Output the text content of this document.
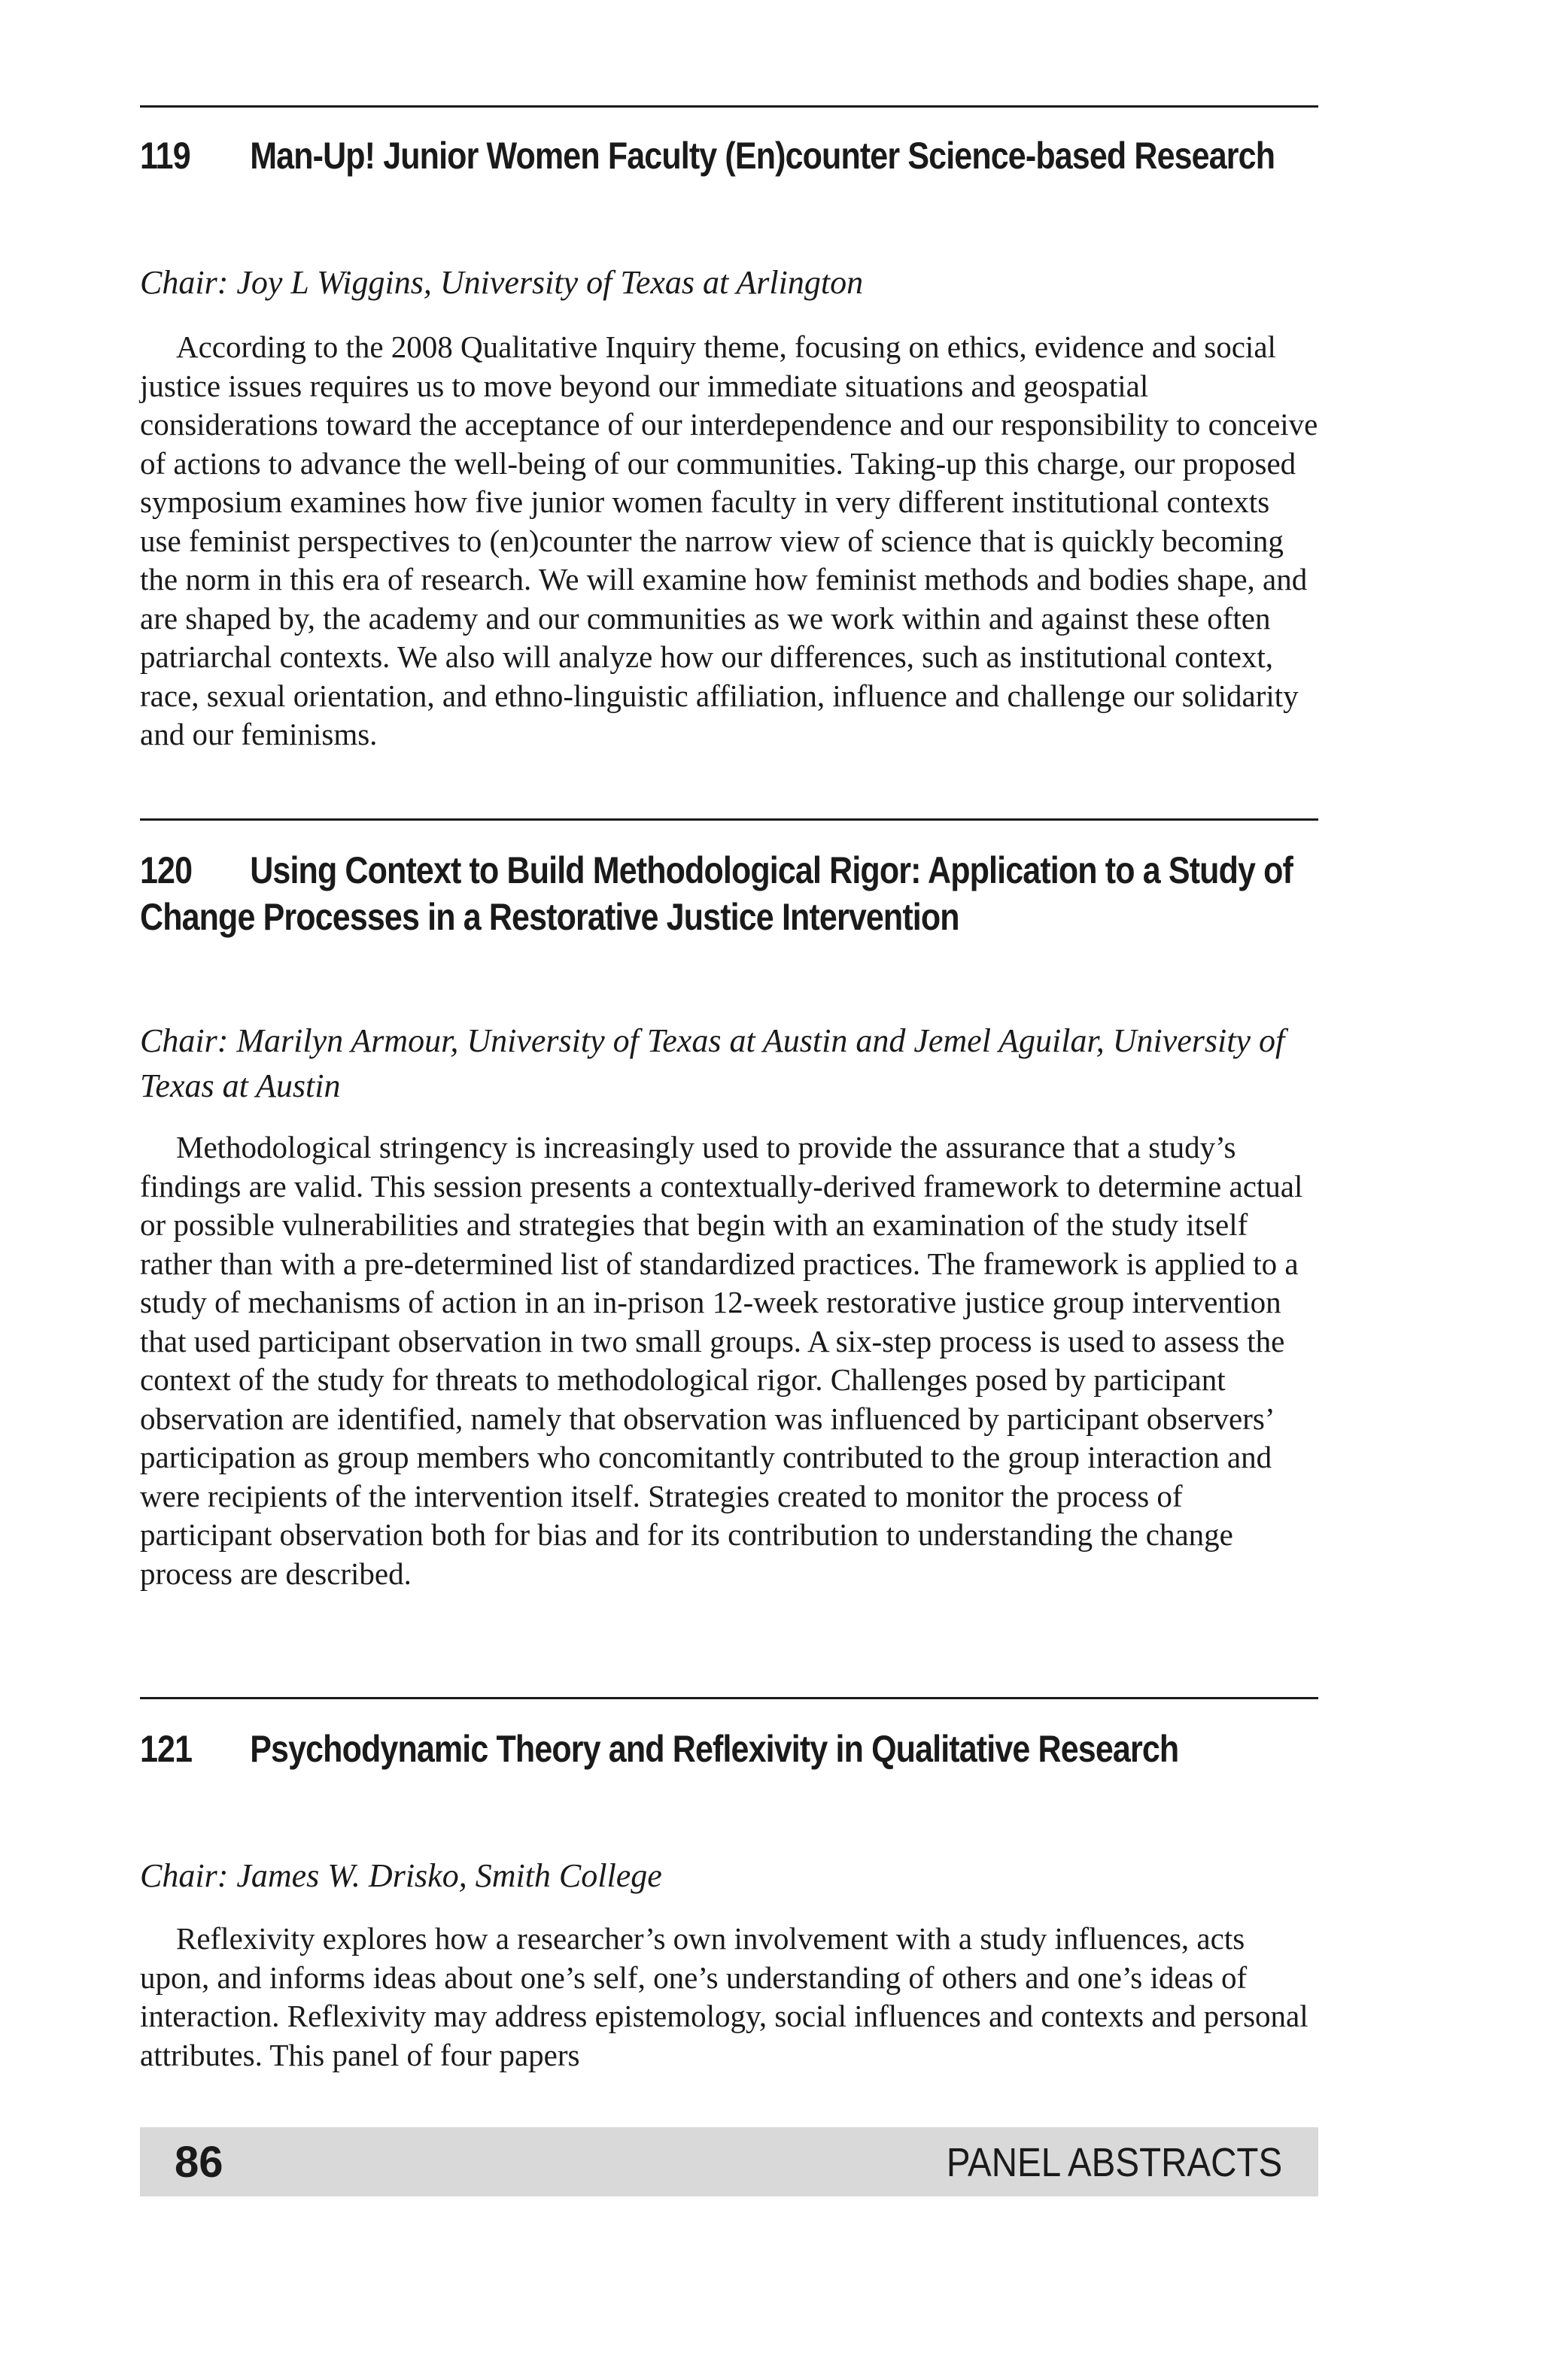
119 Man-Up! Junior Women Faculty (En)counter Science-based Research
Chair: Joy L Wiggins, University of Texas at Arlington
According to the 2008 Qualitative Inquiry theme, focusing on ethics, evidence and social justice issues requires us to move beyond our immediate situations and geospatial considerations toward the acceptance of our interdependence and our responsibility to conceive of actions to advance the well-being of our communities. Taking-up this charge, our proposed symposium examines how five junior women faculty in very different institutional contexts use feminist perspectives to (en)counter the narrow view of science that is quickly becoming the norm in this era of research. We will examine how feminist methods and bodies shape, and are shaped by, the academy and our communities as we work within and against these often patriarchal contexts. We also will analyze how our differences, such as institutional context, race, sexual orientation, and ethno-linguistic affiliation, influence and challenge our solidarity and our feminisms.
120 Using Context to Build Methodological Rigor: Application to a Study of Change Processes in a Restorative Justice Intervention
Chair: Marilyn Armour, University of Texas at Austin and Jemel Aguilar, University of Texas at Austin
Methodological stringency is increasingly used to provide the assurance that a study’s findings are valid. This session presents a contextually-derived framework to determine actual or possible vulnerabilities and strategies that begin with an examination of the study itself rather than with a pre-determined list of standardized practices. The framework is applied to a study of mechanisms of action in an in-prison 12-week restorative justice group intervention that used participant observation in two small groups. A six-step process is used to assess the context of the study for threats to methodological rigor. Challenges posed by participant observation are identified, namely that observation was influenced by participant observers’ participation as group members who concomitantly contributed to the group interaction and were recipients of the intervention itself. Strategies created to monitor the process of participant observation both for bias and for its contribution to understanding the change process are described.
121 Psychodynamic Theory and Reflexivity in Qualitative Research
Chair: James W. Drisko, Smith College
Reflexivity explores how a researcher’s own involvement with a study influences, acts upon, and informs ideas about one’s self, one’s understanding of others and one’s ideas of interaction. Reflexivity may address epistemology, social influences and contexts and personal attributes. This panel of four papers
86	PANEL ABSTRACTS
